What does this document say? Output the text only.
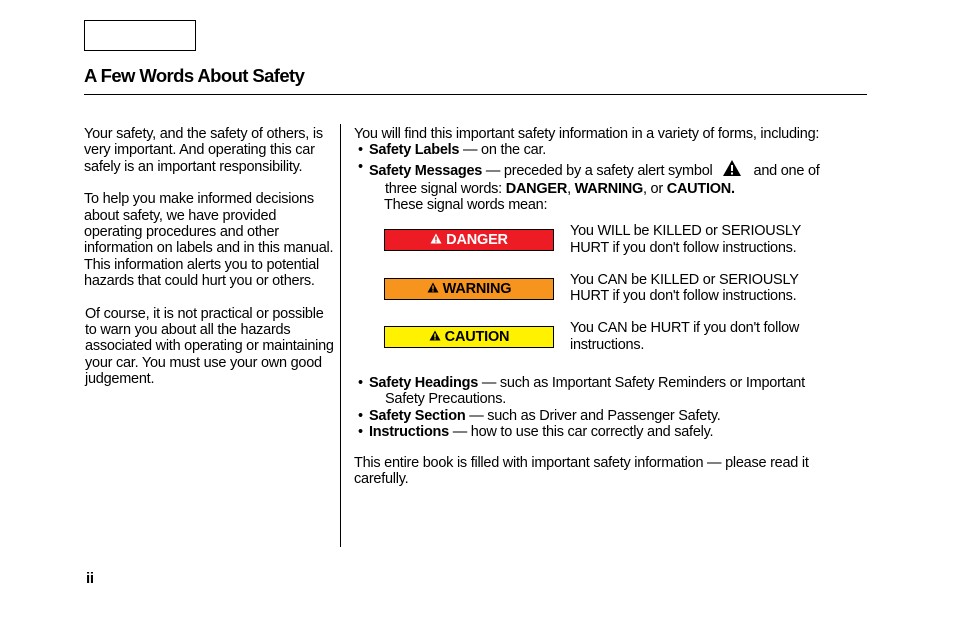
A Few Words About Safety

Your safety, and the safety of others, is very important. And operating this car safely is an important responsibility.

To help you make informed decisions about safety, we have provided operating procedures and other information on labels and in this manual. This information alerts you to potential hazards that could hurt you or others.

Of course, it is not practical or possible to warn you about all the hazards associated with operating or maintaining your car. You must use your own good judgement.

You will find this important safety information in a variety of forms, including:

• Safety Labels — on the car.
• Safety Messages — preceded by a safety alert symbol	and one of
three signal words: DANGER, WARNING, or CAUTION.

These signal words mean:

DANGER

You WILL be KILLED or SERIOUSLY HURT if you don't follow instructions.

WARNING

You CAN be KILLED or SERIOUSLY HURT if you don't follow instructions.

CAUTION

You CAN be HURT if you don't follow instructions.

• Safety Headings — such as Important Safety Reminders or Important
Safety Precautions.
• Safety Section — such as Driver and Passenger Safety.
• Instructions — how to use this car correctly and safely.

This entire book is filled with important safety information — please read it carefully.

ii
